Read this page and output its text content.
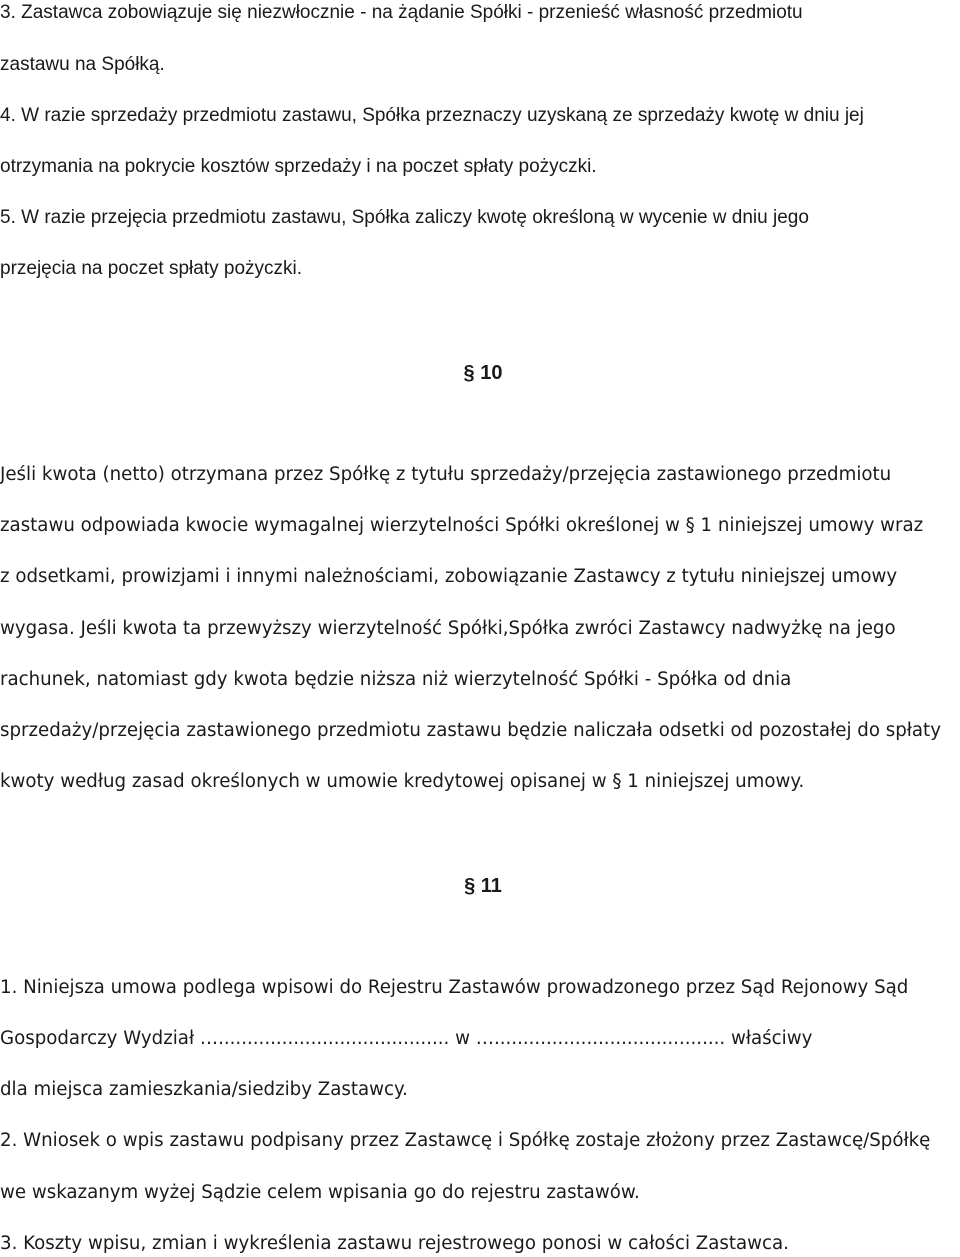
3. Zastawca zobowiązuje się niezwłocznie - na żądanie Spółki - przenieść własność przedmiotu
zastawu na Spółką.
4. W razie sprzedaży przedmiotu zastawu, Spółka przeznaczy uzyskaną ze sprzedaży kwotę w dniu jej
otrzymania na pokrycie kosztów sprzedaży i na poczet spłaty pożyczki.
5. W razie przejęcia przedmiotu zastawu, Spółka zaliczy kwotę określoną w wycenie w dniu jego
przejęcia na poczet spłaty pożyczki.
§ 10
Jeśli kwota (netto) otrzymana przez Spółkę z tytułu sprzedaży/przejęcia zastawionego przedmiotu
zastawu odpowiada kwocie wymagalnej wierzytelności Spółki określonej w § 1 niniejszej umowy wraz
z odsetkami, prowizjami i innymi należnościami, zobowiązanie Zastawcy z tytułu niniejszej umowy
wygasa. Jeśli kwota ta przewyższy wierzytelność Spółki,Spółka zwróci Zastawcy nadwyżkę na jego
rachunek, natomiast gdy kwota będzie niższa niż wierzytelność Spółki - Spółka od dnia
sprzedaży/przejęcia zastawionego przedmiotu zastawu będzie naliczała odsetki od pozostałej do spłaty
kwoty według zasad określonych w umowie kredytowej opisanej w § 1 niniejszej umowy.
§ 11
1. Niniejsza umowa podlega wpisowi do Rejestru Zastawów prowadzonego przez Sąd Rejonowy Sąd
Gospodarczy Wydział …........................................ w …........................................ właściwy
dla miejsca zamieszkania/siedziby Zastawcy.
2. Wniosek o wpis zastawu podpisany przez Zastawcę i Spółkę zostaje złożony przez Zastawcę/Spółkę
we wskazanym wyżej Sądzie celem wpisania go do rejestru zastawów.
3. Koszty wpisu, zmian i wykreślenia zastawu rejestrowego ponosi w całości Zastawca.
